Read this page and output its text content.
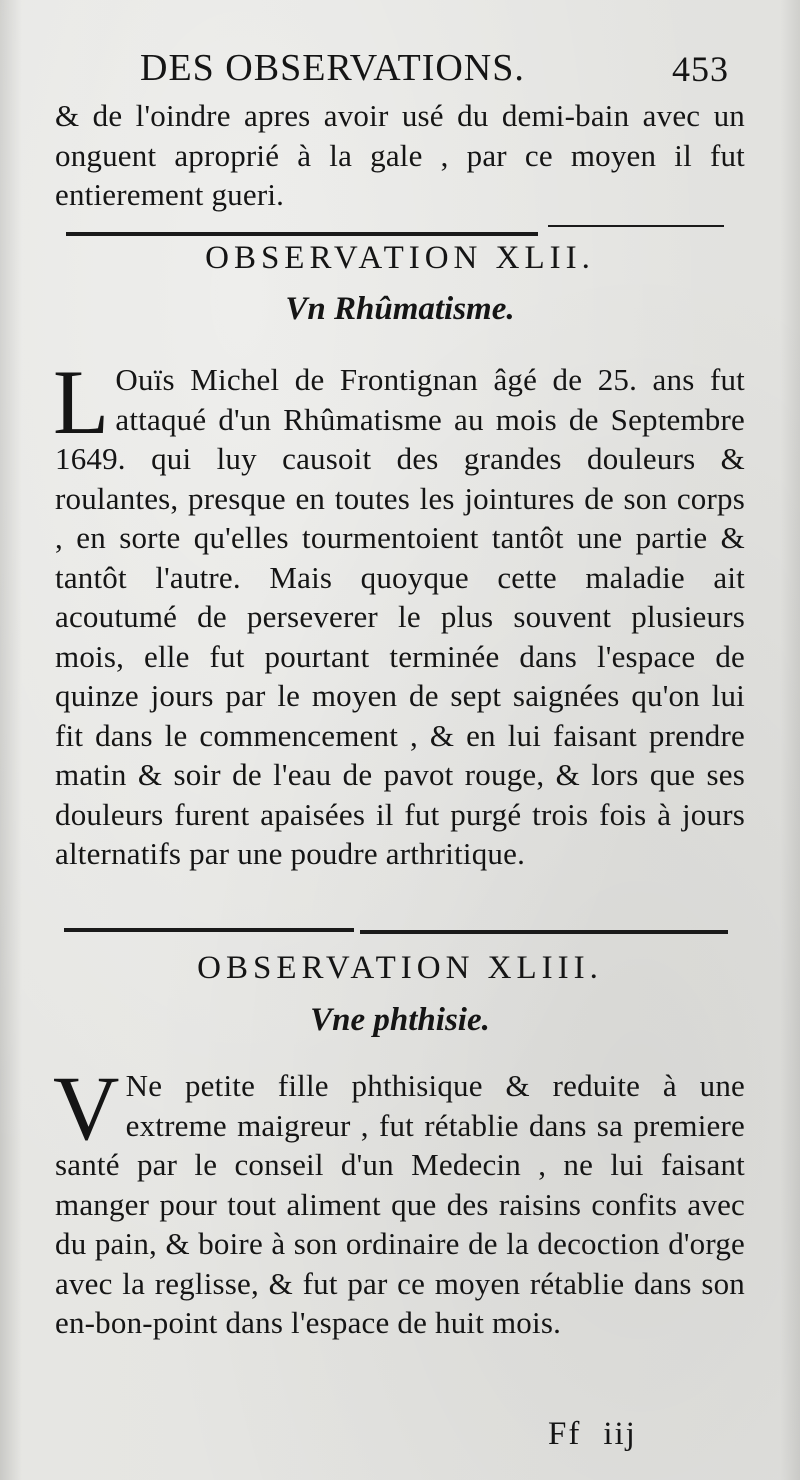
DES OBSERVATIONS.	453
& de l'oindre apres avoir usé du demi-bain avec un onguent aproprié à la gale , par ce moyen il fut entierement gueri.
OBSERVATION XLII.
Vn Rhûmatisme.
L Ouïs Michel de Frontignan âgé de 25. ans fut attaqué d'un Rhûmatisme au mois de Septembre 1649. qui luy causoit des grandes douleurs & roulantes, presque en toutes les jointures de son corps , en sorte qu'elles tourmentoient tantôt une partie & tantôt l'autre. Mais quoyque cette maladie ait acoutumé de perseverer le plus souvent plusieurs mois, elle fut pourtant terminée dans l'espace de quinze jours par le moyen de sept saignées qu'on lui fit dans le commencement , & en lui faisant prendre matin & soir de l'eau de pavot rouge, & lors que ses douleurs furent apaisées il fut purgé trois fois à jours alternatifs par une poudre arthritique.
OBSERVATION XLIII.
Vne phthisie.
V Ne petite fille phthisique & reduite à une extreme maigreur , fut rétablie dans sa premiere santé par le conseil d'un Medecin , ne lui faisant manger pour tout aliment que des raisins confits avec du pain, & boire à son ordinaire de la decoction d'orge avec la reglisse, & fut par ce moyen rétablie dans son en-bon-point dans l'espace de huit mois.
Ff iij
